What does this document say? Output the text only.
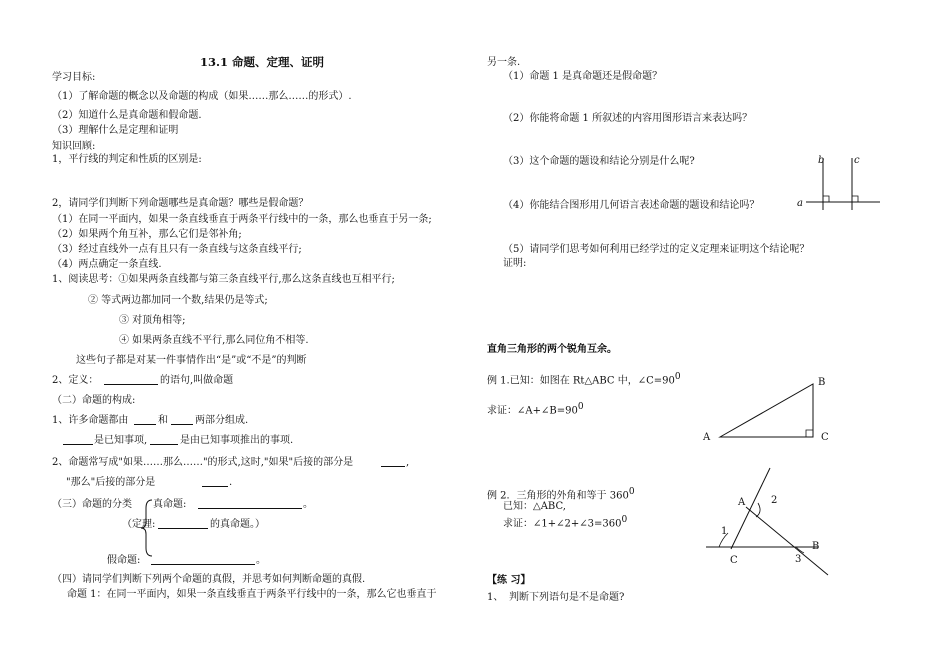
13.1 命题、定理、证明
学习目标:
（1）了解命题的概念以及命题的构成（如果……那么……的形式）.
（2）知道什么是真命题和假命题.
（3）理解什么是定理和证明
知识回顾:
1，平行线的判定和性质的区别是:
2，请同学们判断下列命题哪些是真命题？哪些是假命题？
（1）在同一平面内，如果一条直线垂直于两条平行线中的一条，那么也垂直于另一条;
（2）如果两个角互补，那么它们是邻补角;
（3）经过直线外一点有且只有一条直线与这条直线平行;
（4）两点确定一条直线.
1、阅读思考：①如果两条直线都与第三条直线平行,那么这条直线也互相平行;
② 等式两边都加同一个数,结果仍是等式;
③ 对顶角相等;
④ 如果两条直线不平行,那么同位角不相等.
这些句子都是对某一件事情作出“是”或“不是”的判断
2、定义：	的语句,叫做命题
（二）命题的构成:
1、许多命题都由	和	两部分组成.
是已知事项,	是由已知事项推出的事项.
2、命题常写成"如果……那么……"的形式,这时,"如果"后接的部分是	,
"那么"后接的部分是	.
（三）命题的分类 真命题:	。
（定理:	的真命题。）
假命题:	。
（四）请同学们判断下列两个命题的真假，并思考如何判断命题的真假.
命题 1：在同一平面内，如果一条直线垂直于两条平行线中的一条，那么它也垂直于
另一条.
（1）命题 1 是真命题还是假命题？
（2）你能将命题 1 所叙述的内容用图形语言来表达吗？
（3）这个命题的题设和结论分别是什么呢?
（4）你能结合图形用几何语言表述命题的题设和结论吗？
（5）请同学们思考如何利用已经学过的定义定理来证明这个结论呢？
证明:
b	c
a
直角三角形的两个锐角互余。
例 1.已知：如图在 Rt△ABC 中，$\angle C=90^0$
求证：$\angle A+\angle B=90^0$
A
B
C
例 2．三角形的外角和等于 $360^0$
已知：△ABC,
求证：$\angle 1+\angle 2+\angle 3=360^0$
A
B
C
1
2
3
【练 习】
1、 判断下列语句是不是命题?
